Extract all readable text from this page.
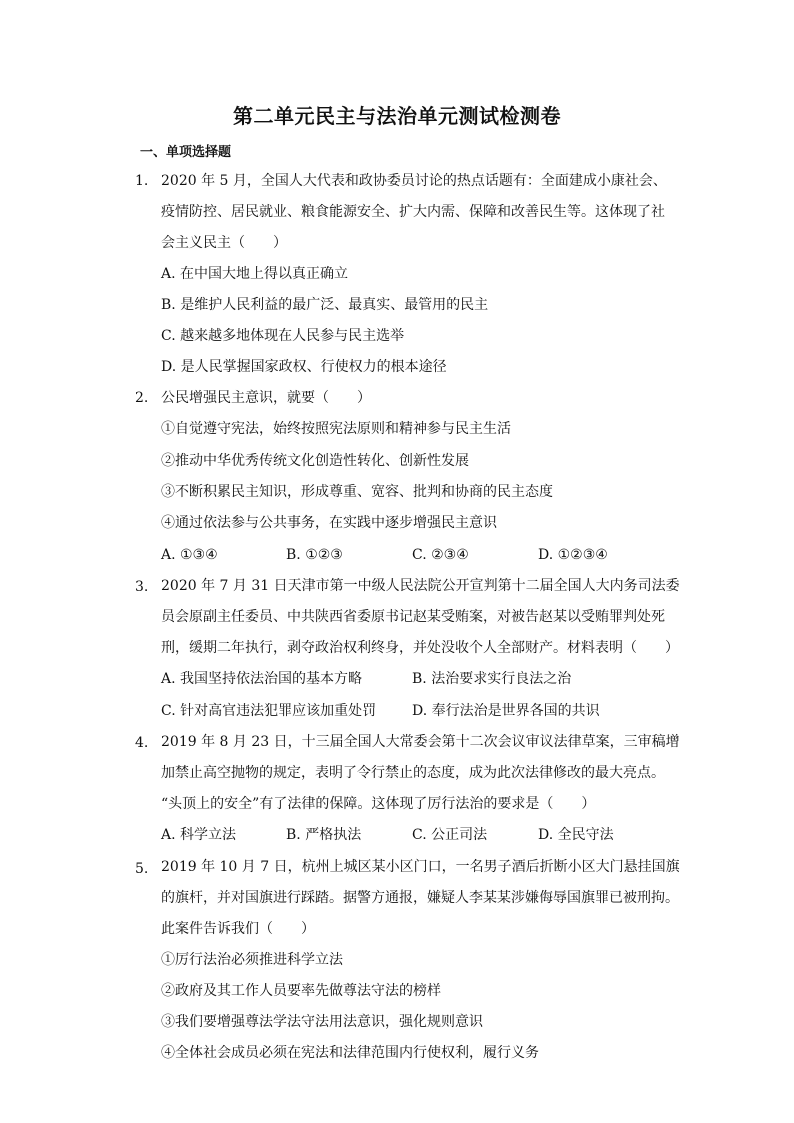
第二单元民主与法治单元测试检测卷
一、单项选择题
1. 2020 年 5 月，全国人大代表和政协委员讨论的热点话题有：全面建成小康社会、
疫情防控、居民就业、粮食能源安全、扩大内需、保障和改善民生等。这体现了社
会主义民主（　　）
A. 在中国大地上得以真正确立
B. 是维护人民利益的最广泛、最真实、最管用的民主
C. 越来越多地体现在人民参与民主选举
D. 是人民掌握国家政权、行使权力的根本途径
2. 公民增强民主意识，就要（　　）
①自觉遵守宪法，始终按照宪法原则和精神参与民主生活
②推动中华优秀传统文化创造性转化、创新性发展
③不断积累民主知识，形成尊重、宽容、批判和协商的民主态度
④通过依法参与公共事务，在实践中逐步增强民主意识
A. ①③④	B. ①②③	C. ②③④	D. ①②③④
3. 2020 年 7 月 31 日天津市第一中级人民法院公开宣判第十二届全国人大内务司法委
员会原副主任委员、中共陕西省委原书记赵某受贿案，对被告赵某以受贿罪判处死
刑，缓期二年执行，剥夺政治权利终身，并处没收个人全部财产。材料表明（　　）
A. 我国坚持依法治国的基本方略	B. 法治要求实行良法之治
C. 针对高官违法犯罪应该加重处罚	D. 奉行法治是世界各国的共识
4. 2019 年 8 月 23 日，十三届全国人大常委会第十二次会议审议法律草案，三审稿增
加禁止高空抛物的规定，表明了令行禁止的态度，成为此次法律修改的最大亮点。
“头顶上的安全”有了法律的保障。这体现了厉行法治的要求是（　　）
A. 科学立法	B. 严格执法	C. 公正司法	D. 全民守法
5. 2019 年 10 月 7 日，杭州上城区某小区门口，一名男子酒后折断小区大门悬挂国旗
的旗杆，并对国旗进行踩踏。据警方通报，嫌疑人李某某涉嫌侮辱国旗罪已被刑拘。
此案件告诉我们（　　）
①厉行法治必须推进科学立法
②政府及其工作人员要率先做尊法守法的榜样
③我们要增强尊法学法守法用法意识，强化规则意识
④全体社会成员必须在宪法和法律范围内行使权利，履行义务
